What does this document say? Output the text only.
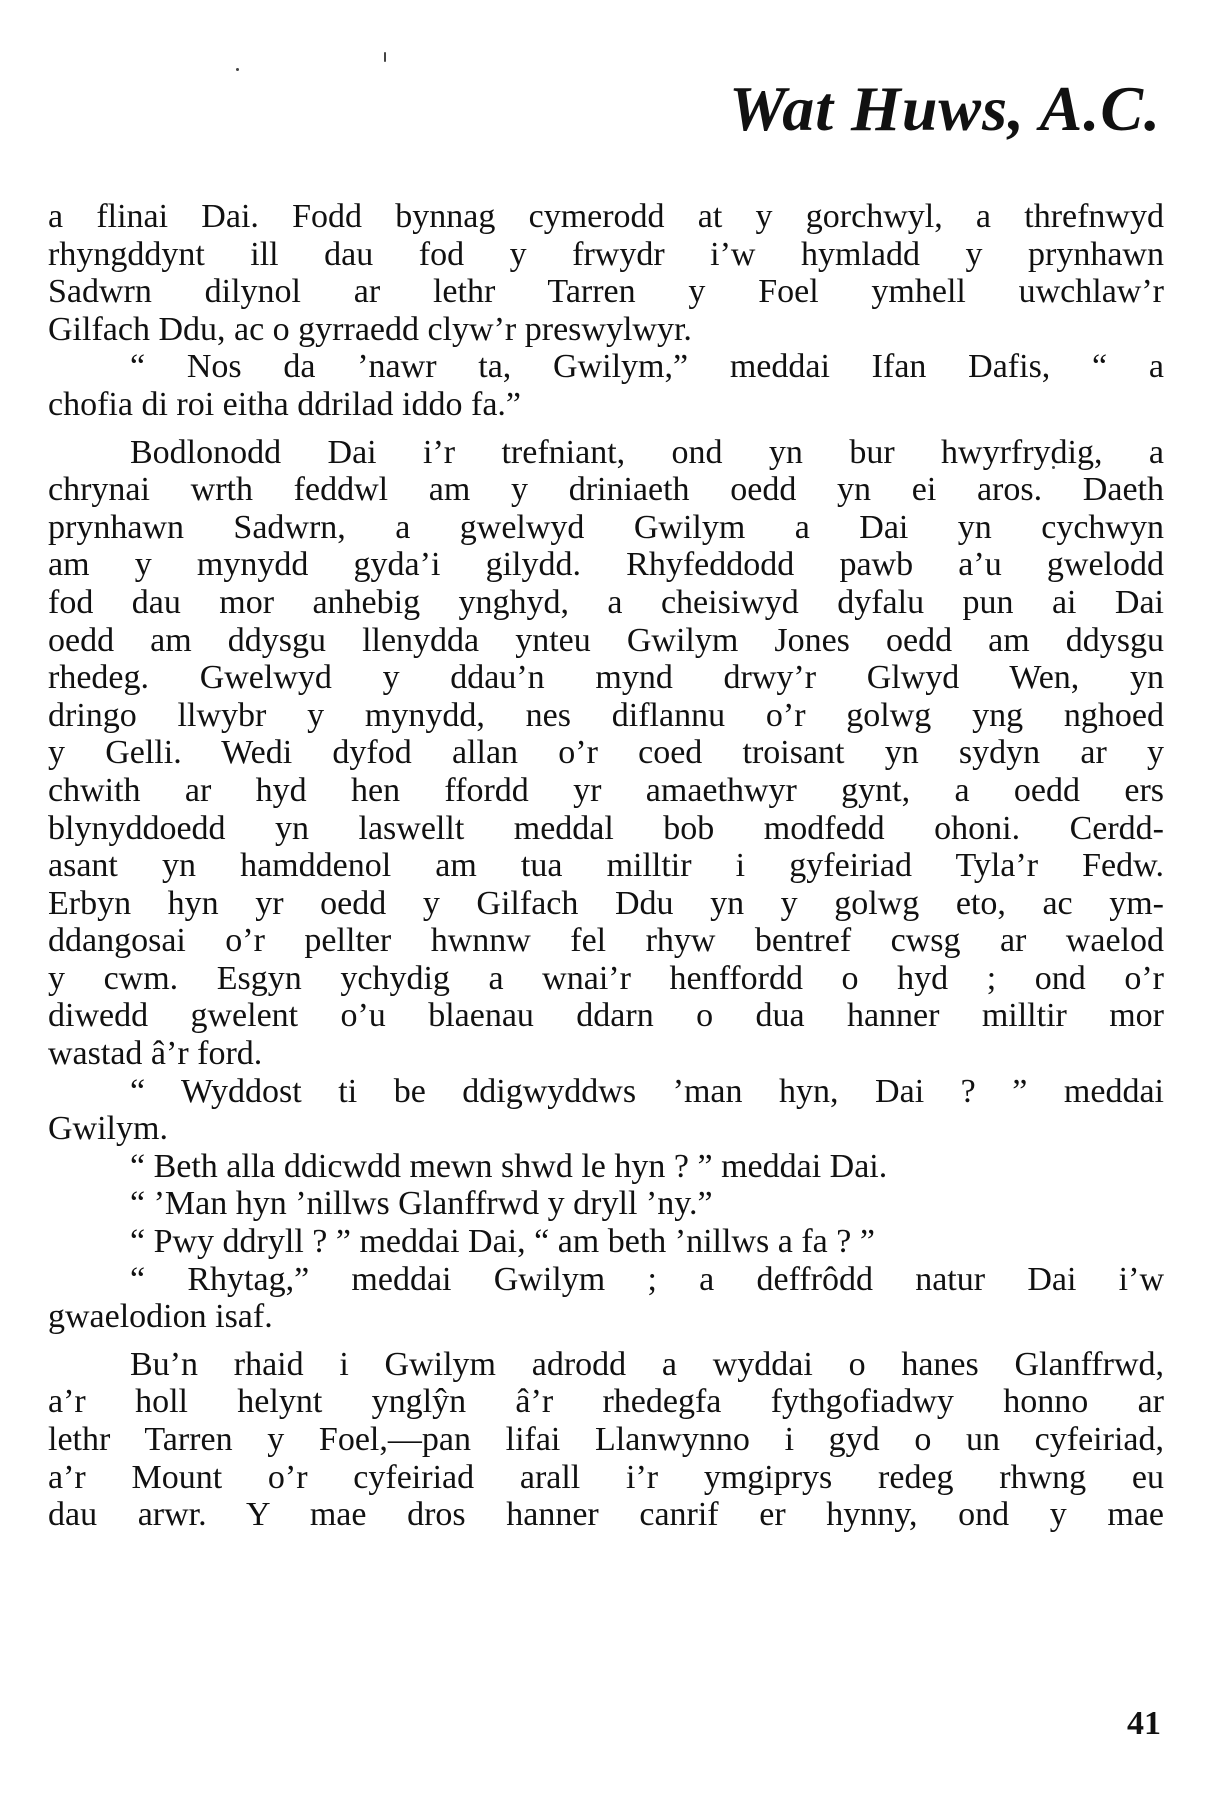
Wat Huws, A.C.
a flinai Dai. Fodd bynnag cymerodd at y gorchwyl, a threfnwyd
rhyngddynt ill dau fod y frwydr i’w hymladd y prynhawn
Sadwrn dilynol ar lethr Tarren y Foel ymhell uwchlaw’r
Gilfach Ddu, ac o gyrraedd clyw’r preswylwyr.
“ Nos da ’nawr ta, Gwilym,” meddai Ifan Dafis, “ a
chofia di roi eitha ddrilad iddo fa.”
Bodlonodd Dai i’r trefniant, ond yn bur hwyrfrydig, a
chrynai wrth feddwl am y driniaeth oedd yn ei aros. Daeth
prynhawn Sadwrn, a gwelwyd Gwilym a Dai yn cychwyn
am y mynydd gyda’i gilydd. Rhyfeddodd pawb a’u gwelodd
fod dau mor anhebig ynghyd, a cheisiwyd dyfalu pun ai Dai
oedd am ddysgu llenydda ynteu Gwilym Jones oedd am ddysgu
rhedeg. Gwelwyd y ddau’n mynd drwy’r Glwyd Wen, yn
dringo llwybr y mynydd, nes diflannu o’r golwg yng nghoed
y Gelli. Wedi dyfod allan o’r coed troisant yn sydyn ar y
chwith ar hyd hen ffordd yr amaethwyr gynt, a oedd ers
blynyddoedd yn laswellt meddal bob modfedd ohoni. Cerdd-
asant yn hamddenol am tua milltir i gyfeiriad Tyla’r Fedw.
Erbyn hyn yr oedd y Gilfach Ddu yn y golwg eto, ac ym-
ddangosai o’r pellter hwnnw fel rhyw bentref cwsg ar waelod
y cwm. Esgyn ychydig a wnai’r henffordd o hyd ; ond o’r
diwedd gwelent o’u blaenau ddarn o dua hanner milltir mor
wastad â’r ford.
“ Wyddost ti be ddigwyddws ’man hyn, Dai ? ” meddai
Gwilym.
“ Beth alla ddicwdd mewn shwd le hyn ? ” meddai Dai.
“ ’Man hyn ’nillws Glanffrwd y dryll ’ny.”
“ Pwy ddryll ? ” meddai Dai, “ am beth ’nillws a fa ? ”
“ Rhytag,” meddai Gwilym ; a deffrôdd natur Dai i’w
gwaelodion isaf.
Bu’n rhaid i Gwilym adrodd a wyddai o hanes Glanffrwd,
a’r holl helynt ynglŷn â’r rhedegfa fythgofiadwy honno ar
lethr Tarren y Foel,—pan lifai Llanwynno i gyd o un cyfeiriad,
a’r Mount o’r cyfeiriad arall i’r ymgiprys redeg rhwng eu
dau arwr. Y mae dros hanner canrif er hynny, ond y mae
41
